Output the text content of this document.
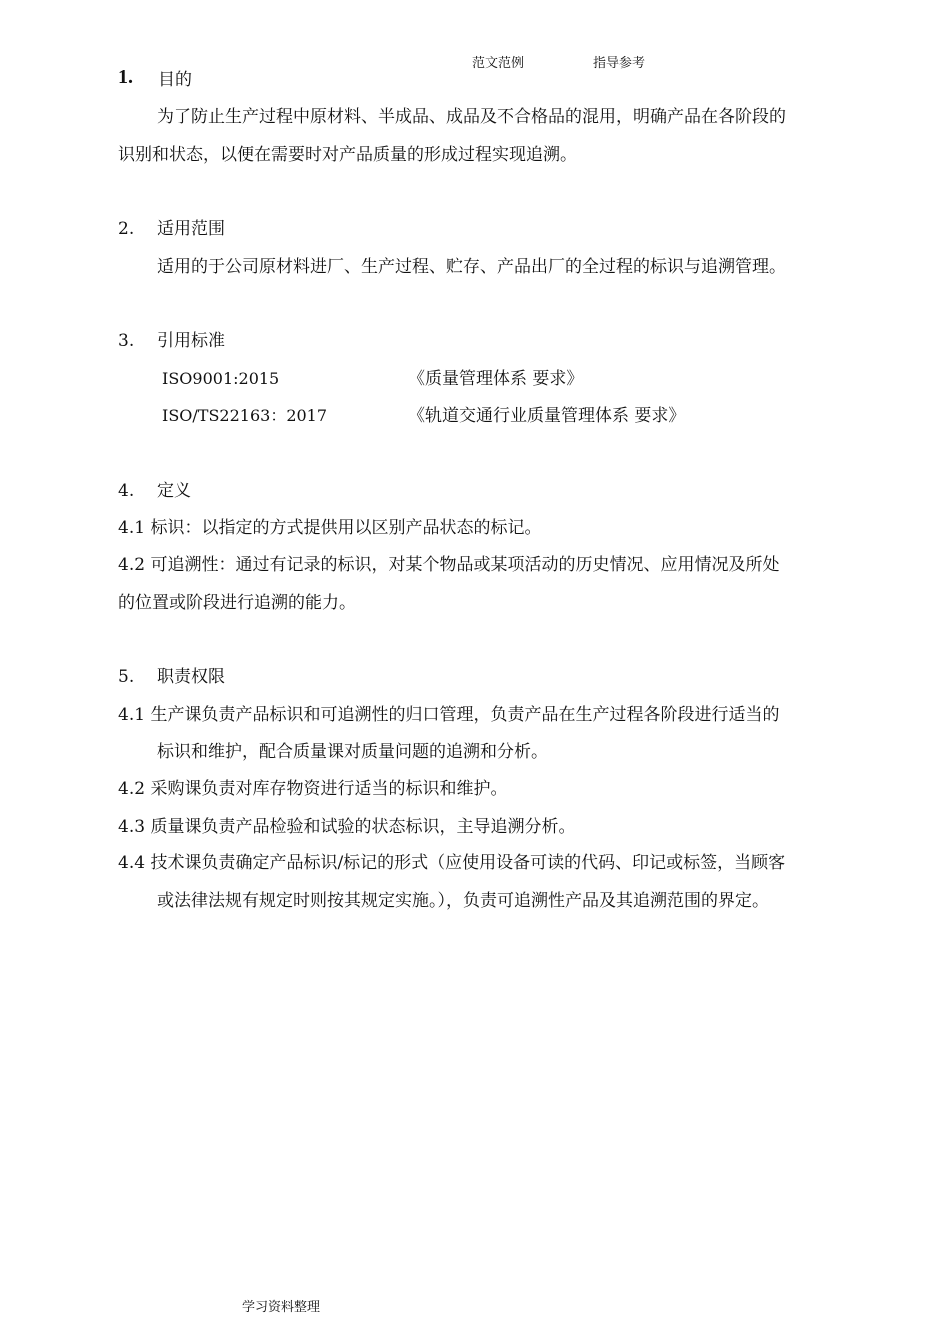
范文范例	指导参考
1. 目的
为了防止生产过程中原材料、半成品、成品及不合格品的混用，明确产品在各阶段的
识别和状态，以便在需要时对产品质量的形成过程实现追溯。
2. 适用范围
适用的于公司原材料进厂、生产过程、贮存、产品出厂的全过程的标识与追溯管理。
3. 引用标准
ISO9001:2015	《质量管理体系 要求》
ISO/TS22163：2017	《轨道交通行业质量管理体系 要求》
4. 定义
4.1 标识：以指定的方式提供用以区别产品状态的标记。
4.2 可追溯性：通过有记录的标识，对某个物品或某项活动的历史情况、应用情况及所处
的位置或阶段进行追溯的能力。
5. 职责权限
4.1 生产课负责产品标识和可追溯性的归口管理，负责产品在生产过程各阶段进行适当的
标识和维护，配合质量课对质量问题的追溯和分析。
4.2 采购课负责对库存物资进行适当的标识和维护。
4.3 质量课负责产品检验和试验的状态标识，主导追溯分析。
4.4 技术课负责确定产品标识/标记的形式（应使用设备可读的代码、印记或标签，当顾客
或法律法规有规定时则按其规定实施。），负责可追溯性产品及其追溯范围的界定。
学习资料整理
